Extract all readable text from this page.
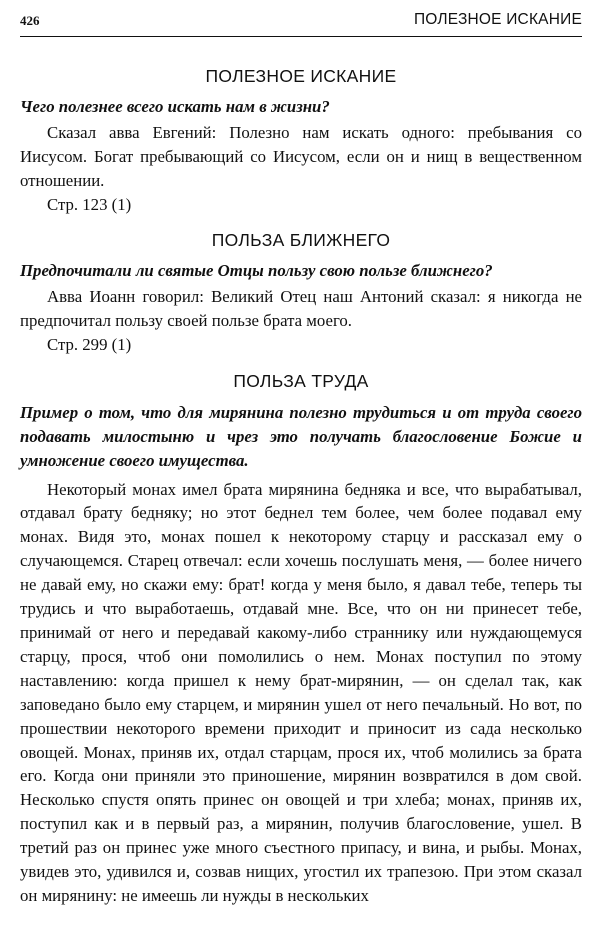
426	ПОЛЕЗНОЕ ИСКАНИЕ
ПОЛЕЗНОЕ ИСКАНИЕ

Чего полезнее всего искать нам в жизни?

Сказал авва Евгений: Полезно нам искать одного: пребывания со Иисусом. Богат пребывающий со Иисусом, если он и нищ в вещественном отношении.

Стр. 123 (1)

ПОЛЬЗА БЛИЖНЕГО

Предпочитали ли святые Отцы пользу свою пользе ближнего?

Авва Иоанн говорил: Великий Отец наш Антоний сказал: я никогда не предпочитал пользу своей пользе брата моего.

Стр. 299 (1)

ПОЛЬЗА ТРУДА

Пример о том, что для мирянина полезно трудиться и от труда своего подавать милостыню и чрез это получать благословение Божие и умножение своего имущества.

Некоторый монах имел брата мирянина бедняка и все, что вырабатывал, отдавал брату бедняку; но этот беднел тем более, чем более подавал ему монах. Видя это, монах пошел к некоторому старцу и рассказал ему о случающемся. Старец отвечал: если хочешь послушать меня, — более ничего не давай ему, но скажи ему: брат! когда у меня было, я давал тебе, теперь ты трудись и что выработаешь, отдавай мне. Все, что он ни принесет тебе, принимай от него и передавай какому-либо страннику или нуждающемуся старцу, прося, чтоб они помолились о нем. Монах поступил по этому наставлению: когда пришел к нему брат-мирянин, — он сделал так, как заповедано было ему старцем, и мирянин ушел от него печальный. Но вот, по прошествии некоторого времени приходит и приносит из сада несколько овощей. Монах, приняв их, отдал старцам, прося их, чтоб молились за брата его. Когда они приняли это приношение, мирянин возвратился в дом свой. Несколько спустя опять принес он овощей и три хлеба; монах, приняв их, поступил как и в первый раз, а мирянин, получив благословение, ушел. В третий раз он принес уже много съестного припасу, и вина, и рыбы. Монах, увидев это, удивился и, созвав нищих, угостил их трапезою. При этом сказал он мирянину: не имеешь ли нужды в нескольких
